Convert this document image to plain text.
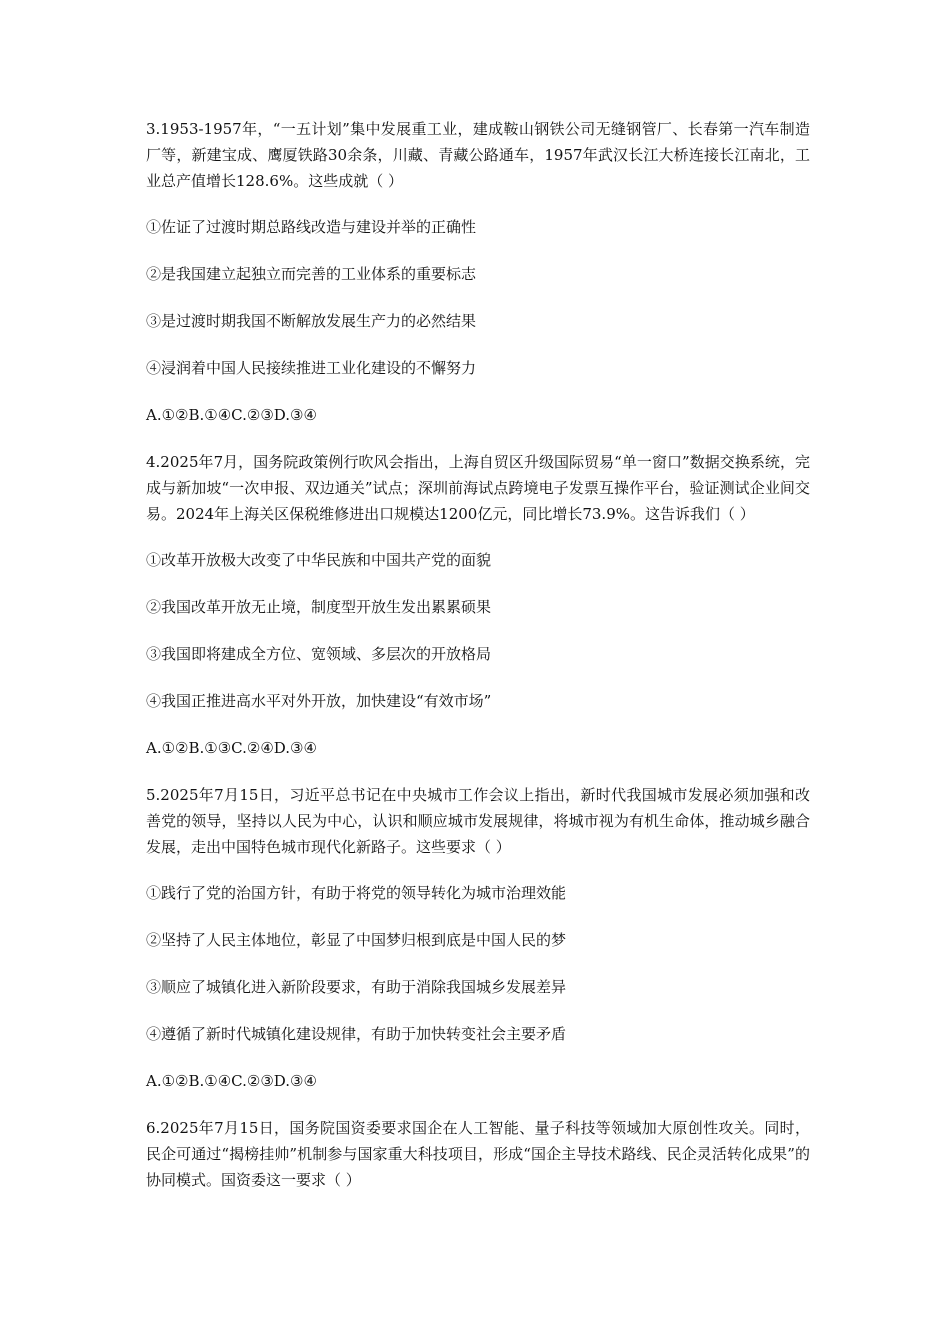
3.1953-1957年，“一五计划”集中发展重工业，建成鞍山钢铁公司无缝钢管厂、长春第一汽车制造厂等，新建宝成、鹰厦铁路30余条，川藏、青藏公路通车，1957年武汉长江大桥连接长江南北，工业总产值增长128.6%。这些成就（ ）

①佐证了过渡时期总路线改造与建设并举的正确性

②是我国建立起独立而完善的工业体系的重要标志

③是过渡时期我国不断解放发展生产力的必然结果

④浸润着中国人民接续推进工业化建设的不懈努力

A.①②B.①④C.②③D.③④

4.2025年7月，国务院政策例行吹风会指出，上海自贸区升级国际贸易“单一窗口”数据交换系统，完成与新加坡“一次申报、双边通关”试点；深圳前海试点跨境电子发票互操作平台，验证测试企业间交易。2024年上海关区保税维修进出口规模达1200亿元，同比增长73.9%。这告诉我们（ ）

①改革开放极大改变了中华民族和中国共产党的面貌

②我国改革开放无止境，制度型开放生发出累累硕果

③我国即将建成全方位、宽领域、多层次的开放格局

④我国正推进高水平对外开放，加快建设“有效市场”

A.①②B.①③C.②④D.③④

5.2025年7月15日，习近平总书记在中央城市工作会议上指出，新时代我国城市发展必须加强和改善党的领导，坚持以人民为中心，认识和顺应城市发展规律，将城市视为有机生命体，推动城乡融合发展，走出中国特色城市现代化新路子。这些要求（ ）

①践行了党的治国方针，有助于将党的领导转化为城市治理效能

②坚持了人民主体地位，彰显了中国梦归根到底是中国人民的梦

③顺应了城镇化进入新阶段要求，有助于消除我国城乡发展差异

④遵循了新时代城镇化建设规律，有助于加快转变社会主要矛盾

A.①②B.①④C.②③D.③④

6.2025年7月15日，国务院国资委要求国企在人工智能、量子科技等领域加大原创性攻关。同时，民企可通过“揭榜挂帅”机制参与国家重大科技项目，形成“国企主导技术路线、民企灵活转化成果”的协同模式。国资委这一要求（ ）
